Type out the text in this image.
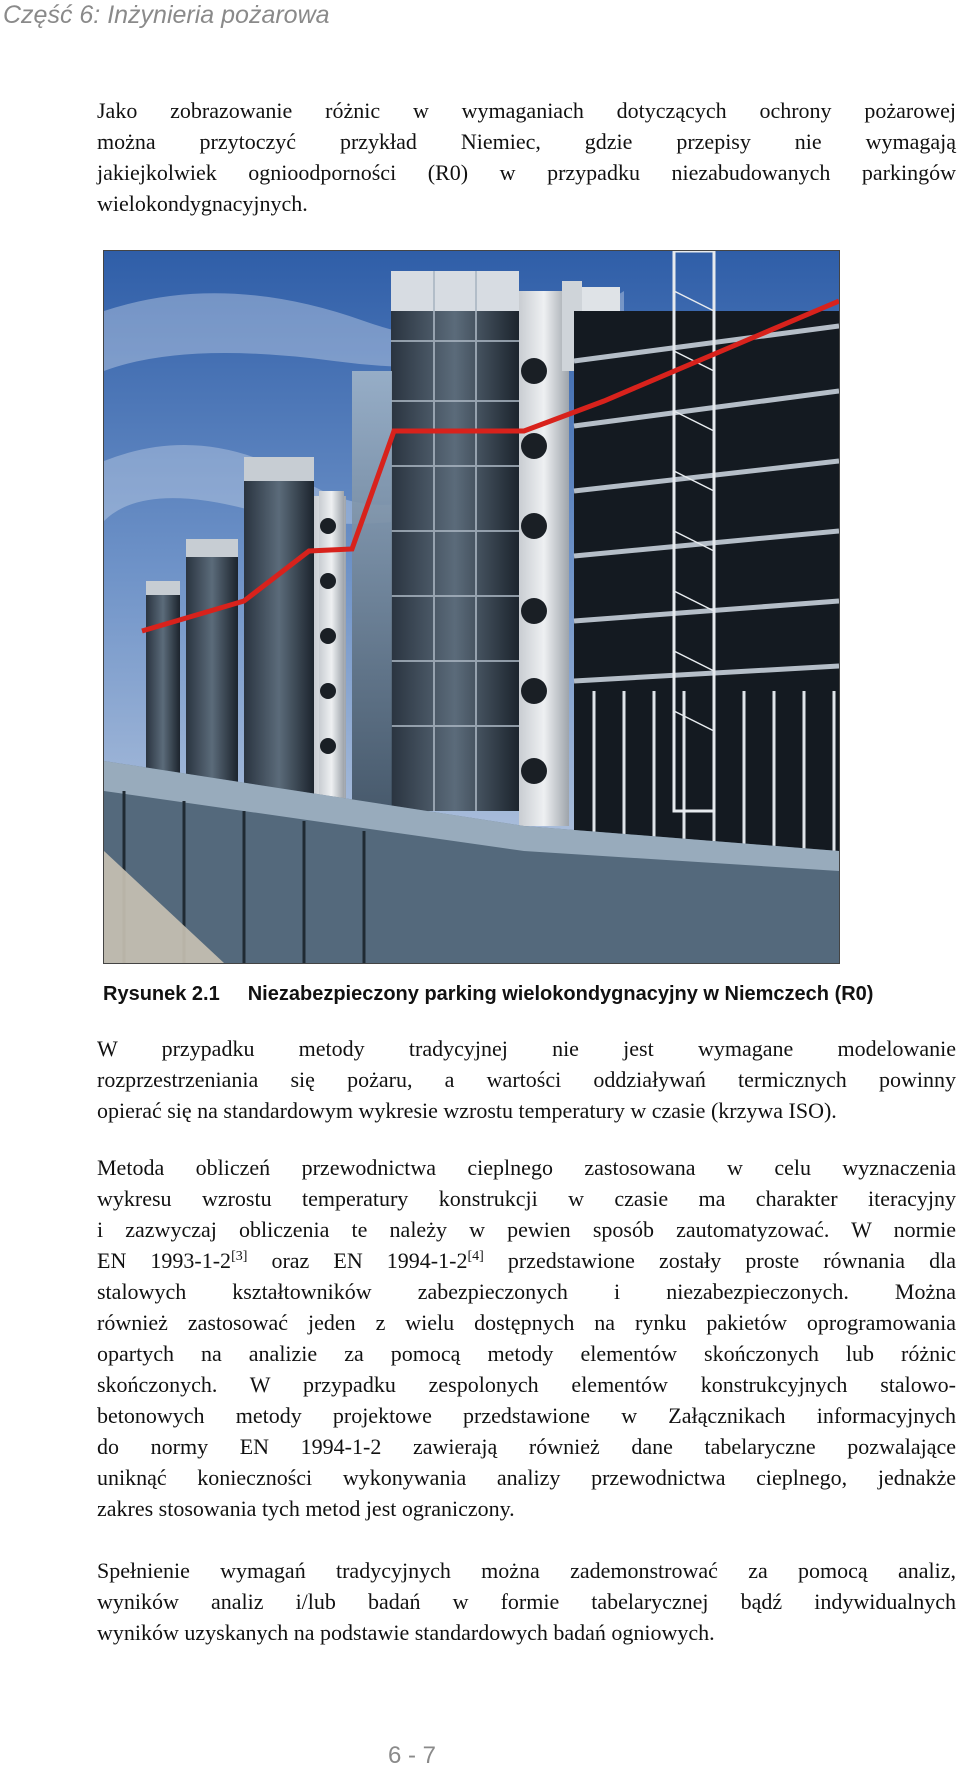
Część 6: Inżynieria pożarowa
Jako zobrazowanie różnic w wymaganiach dotyczących ochrony pożarowej
można przytoczyć przykład Niemiec, gdzie przepisy nie wymagają
jakiejkolwiek ognioodporności (R0) w przypadku niezabudowanych parkingów
wielokondygnacyjnych.
Rysunek 2.1 Niezabezpieczony parking wielokondygnacyjny w Niemczech (R0)
W przypadku metody tradycyjnej nie jest wymagane modelowanie
rozprzestrzeniania się pożaru, a wartości oddziaływań termicznych powinny
opierać się na standardowym wykresie wzrostu temperatury w czasie (krzywa ISO).
Metoda obliczeń przewodnictwa cieplnego zastosowana w celu wyznaczenia
wykresu wzrostu temperatury konstrukcji w czasie ma charakter iteracyjny
i zazwyczaj obliczenia te należy w pewien sposób zautomatyzować. W normie
EN 1993-1-2[3] oraz EN 1994-1-2[4] przedstawione zostały proste równania dla
stalowych kształtowników zabezpieczonych i niezabezpieczonych. Można
również zastosować jeden z wielu dostępnych na rynku pakietów oprogramowania
opartych na analizie za pomocą metody elementów skończonych lub różnic
skończonych. W przypadku zespolonych elementów konstrukcyjnych stalowo-
betonowych metody projektowe przedstawione w Załącznikach informacyjnych
do normy EN 1994-1-2 zawierają również dane tabelaryczne pozwalające
uniknąć konieczności wykonywania analizy przewodnictwa cieplnego, jednakże
zakres stosowania tych metod jest ograniczony.
Spełnienie wymagań tradycyjnych można zademonstrować za pomocą analiz,
wyników analiz i/lub badań w formie tabelarycznej bądź indywidualnych
wyników uzyskanych na podstawie standardowych badań ogniowych.
6 - 7
